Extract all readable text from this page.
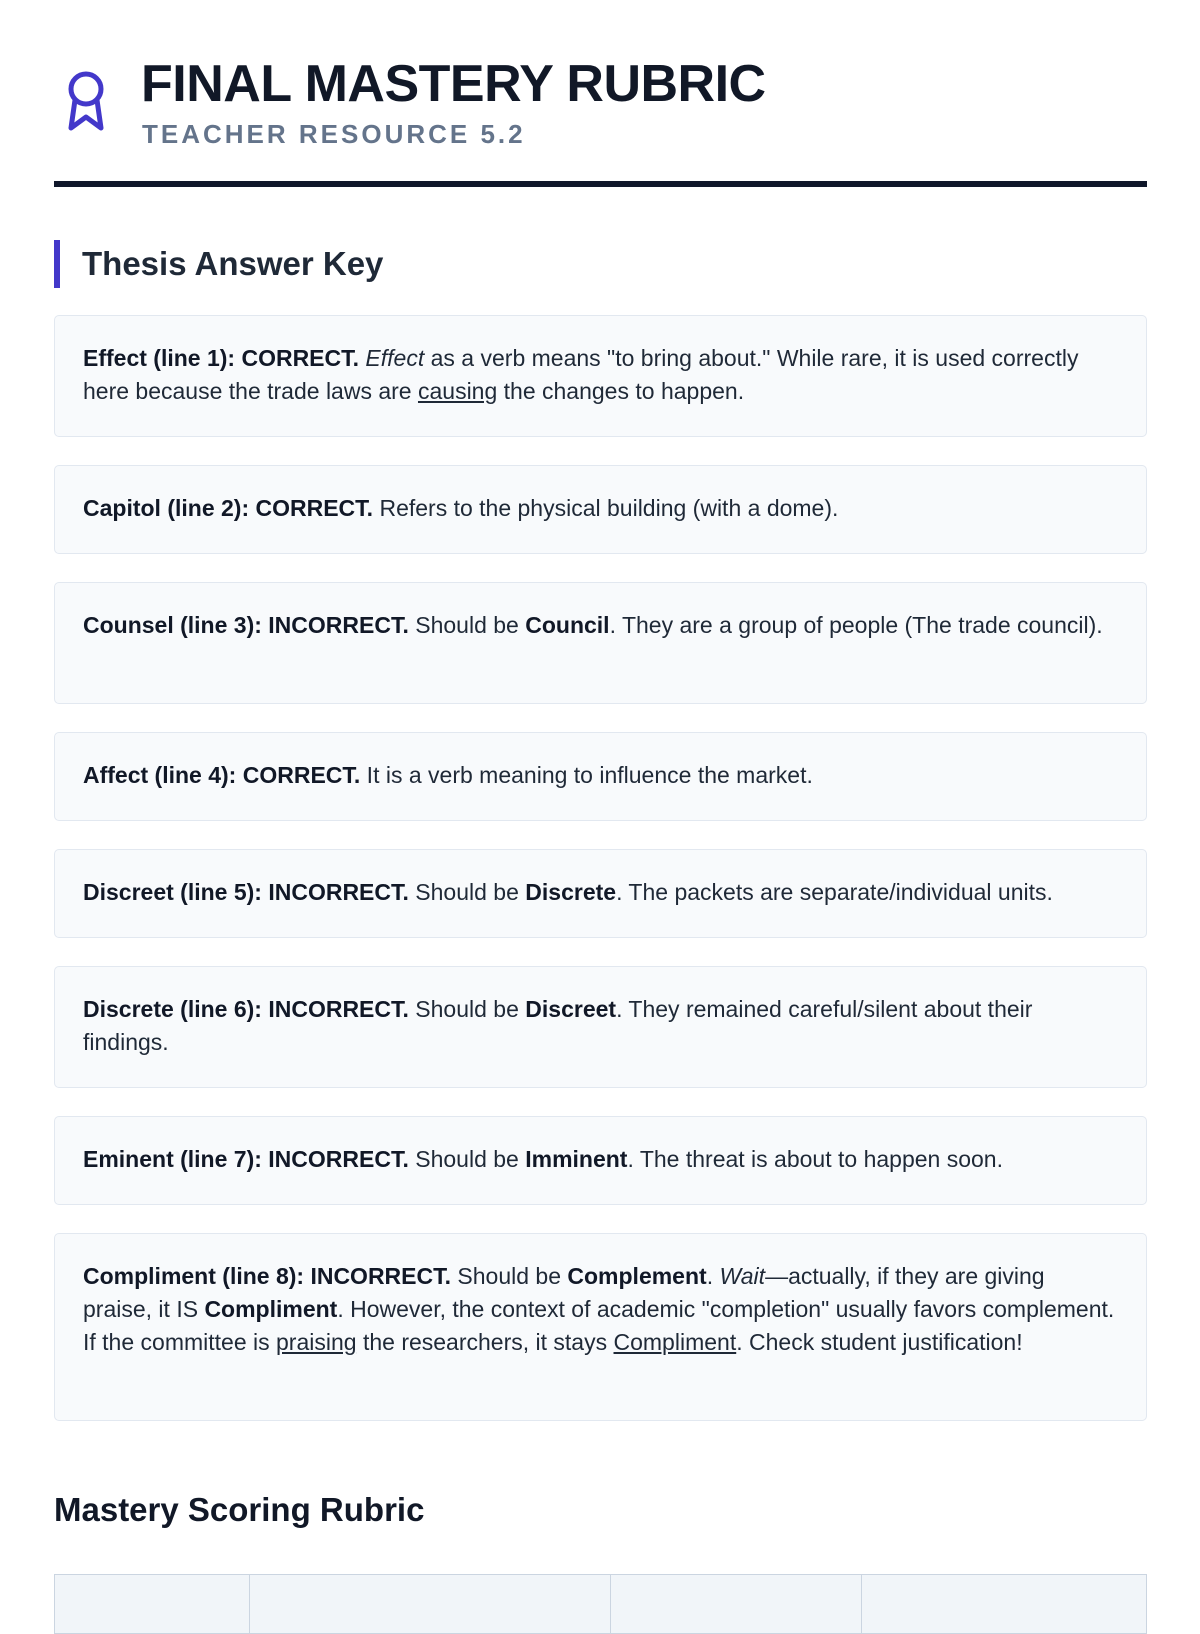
FINAL MASTERY RUBRIC
TEACHER RESOURCE 5.2
Thesis Answer Key
Effect (line 1): CORRECT. Effect as a verb means "to bring about." While rare, it is used correctly here because the trade laws are causing the changes to happen.
Capitol (line 2): CORRECT. Refers to the physical building (with a dome).
Counsel (line 3): INCORRECT. Should be Council. They are a group of people (The trade council).
Affect (line 4): CORRECT. It is a verb meaning to influence the market.
Discreet (line 5): INCORRECT. Should be Discrete. The packets are separate/individual units.
Discrete (line 6): INCORRECT. Should be Discreet. They remained careful/silent about their findings.
Eminent (line 7): INCORRECT. Should be Imminent. The threat is about to happen soon.
Compliment (line 8): INCORRECT. Should be Complement. Wait—actually, if they are giving praise, it IS Compliment. However, the context of academic "completion" usually favors complement. If the committee is praising the researchers, it stays Compliment. Check student justification!
Mastery Scoring Rubric
